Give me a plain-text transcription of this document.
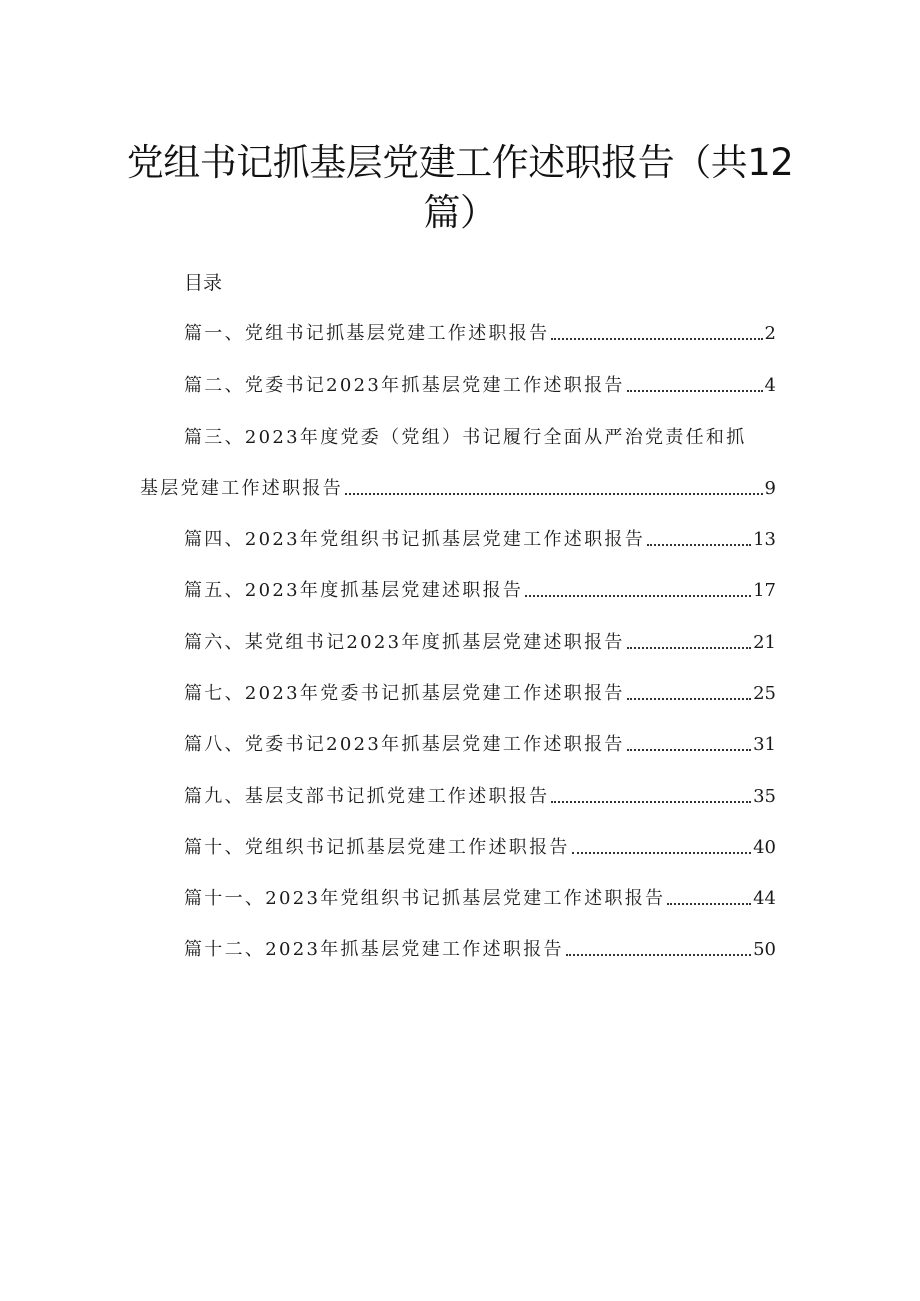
党组书记抓基层党建工作述职报告（共12篇）
目录
篇一、党组书记抓基层党建工作述职报告	2
篇二、党委书记2023年抓基层党建工作述职报告	4
篇三、2023年度党委（党组）书记履行全面从严治党责任和抓
基层党建工作述职报告	9
篇四、2023年党组织书记抓基层党建工作述职报告	13
篇五、2023年度抓基层党建述职报告	17
篇六、某党组书记2023年度抓基层党建述职报告	21
篇七、2023年党委书记抓基层党建工作述职报告	25
篇八、党委书记2023年抓基层党建工作述职报告	31
篇九、基层支部书记抓党建工作述职报告	35
篇十、党组织书记抓基层党建工作述职报告	40
篇十一、2023年党组织书记抓基层党建工作述职报告	44
篇十二、2023年抓基层党建工作述职报告	50
